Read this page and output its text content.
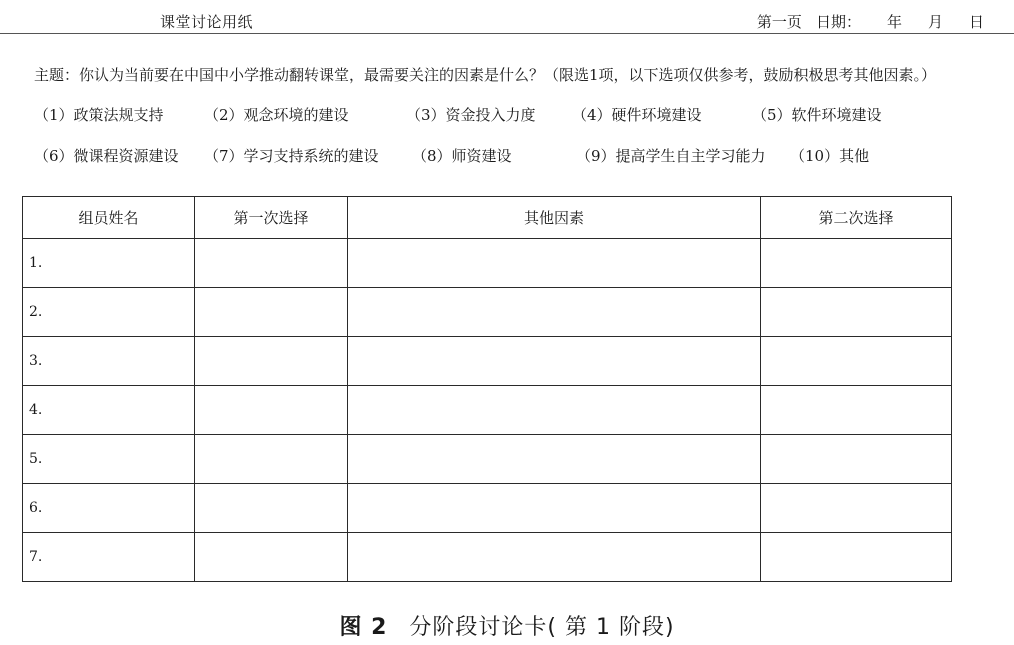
课堂讨论用纸	第一页 日期： 年 月 日
主题：你认为当前要在中国中小学推动翻转课堂，最需要关注的因素是什么？（限选1项，以下选项仅供参考，鼓励积极思考其他因素。）
（1）政策法规支持	（2）观念环境的建设	（3）资金投入力度 （4）硬件环境建设	（5）软件环境建设
（6）微课程资源建设 （7）学习支持系统的建设 （8）师资建设	（9）提高学生自主学习能力 （10）其他
组员姓名	第一次选择	其他因素	第二次选择
1.			
2.			
3.			
4.			
5.			
6.			
7.			
图 2 分阶段讨论卡( 第 1 阶段)
